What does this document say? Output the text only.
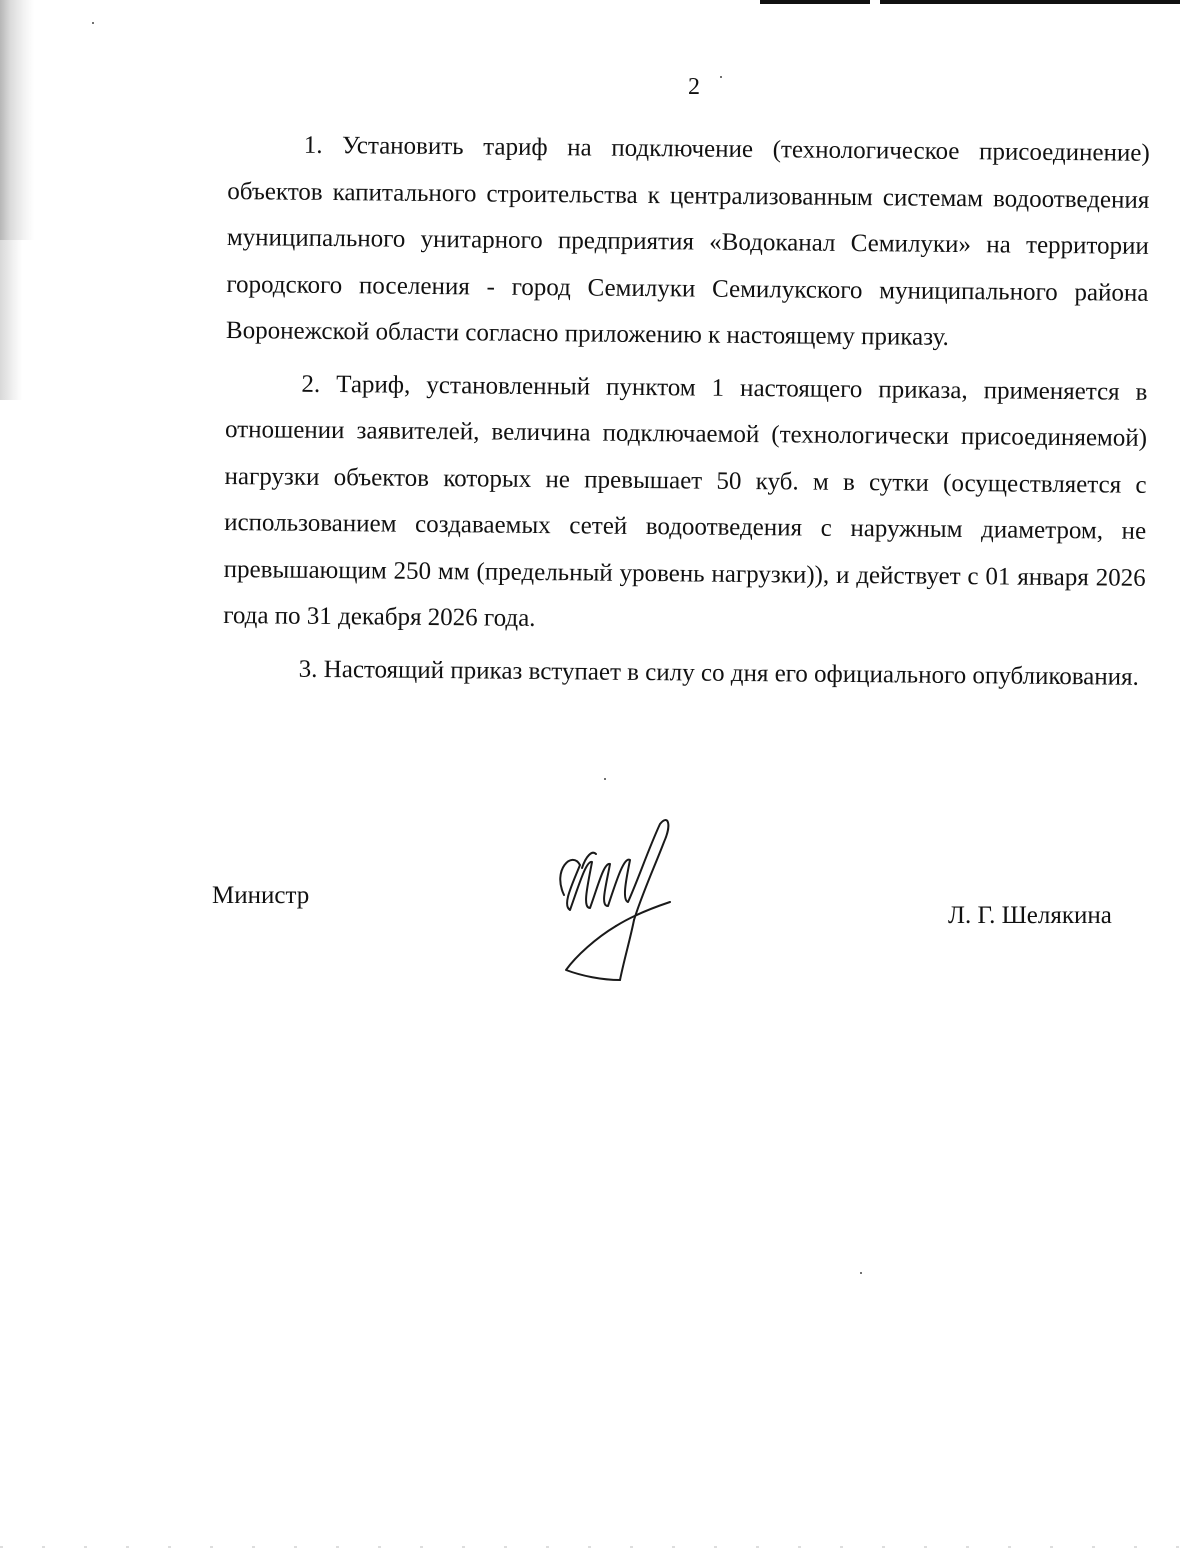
2

1. Установить тариф на подключение (технологическое присоединение) объектов капитального строительства к централизованным системам водоотведения муниципального унитарного предприятия «Водоканал Семилуки» на территории городского поселения - город Семилуки Семилукского муниципального района Воронежской области согласно приложению к настоящему приказу.

2. Тариф, установленный пунктом 1 настоящего приказа, применяется в отношении заявителей, величина подключаемой (технологически присоединяемой) нагрузки объектов которых не превышает 50 куб. м в сутки (осуществляется с использованием создаваемых сетей водоотведения с наружным диаметром, не превышающим 250 мм (предельный уровень нагрузки)), и действует с 01 января 2026 года по 31 декабря 2026 года.

3. Настоящий приказ вступает в силу со дня его официального опубликования.

Министр
Л. Г. Шелякина
